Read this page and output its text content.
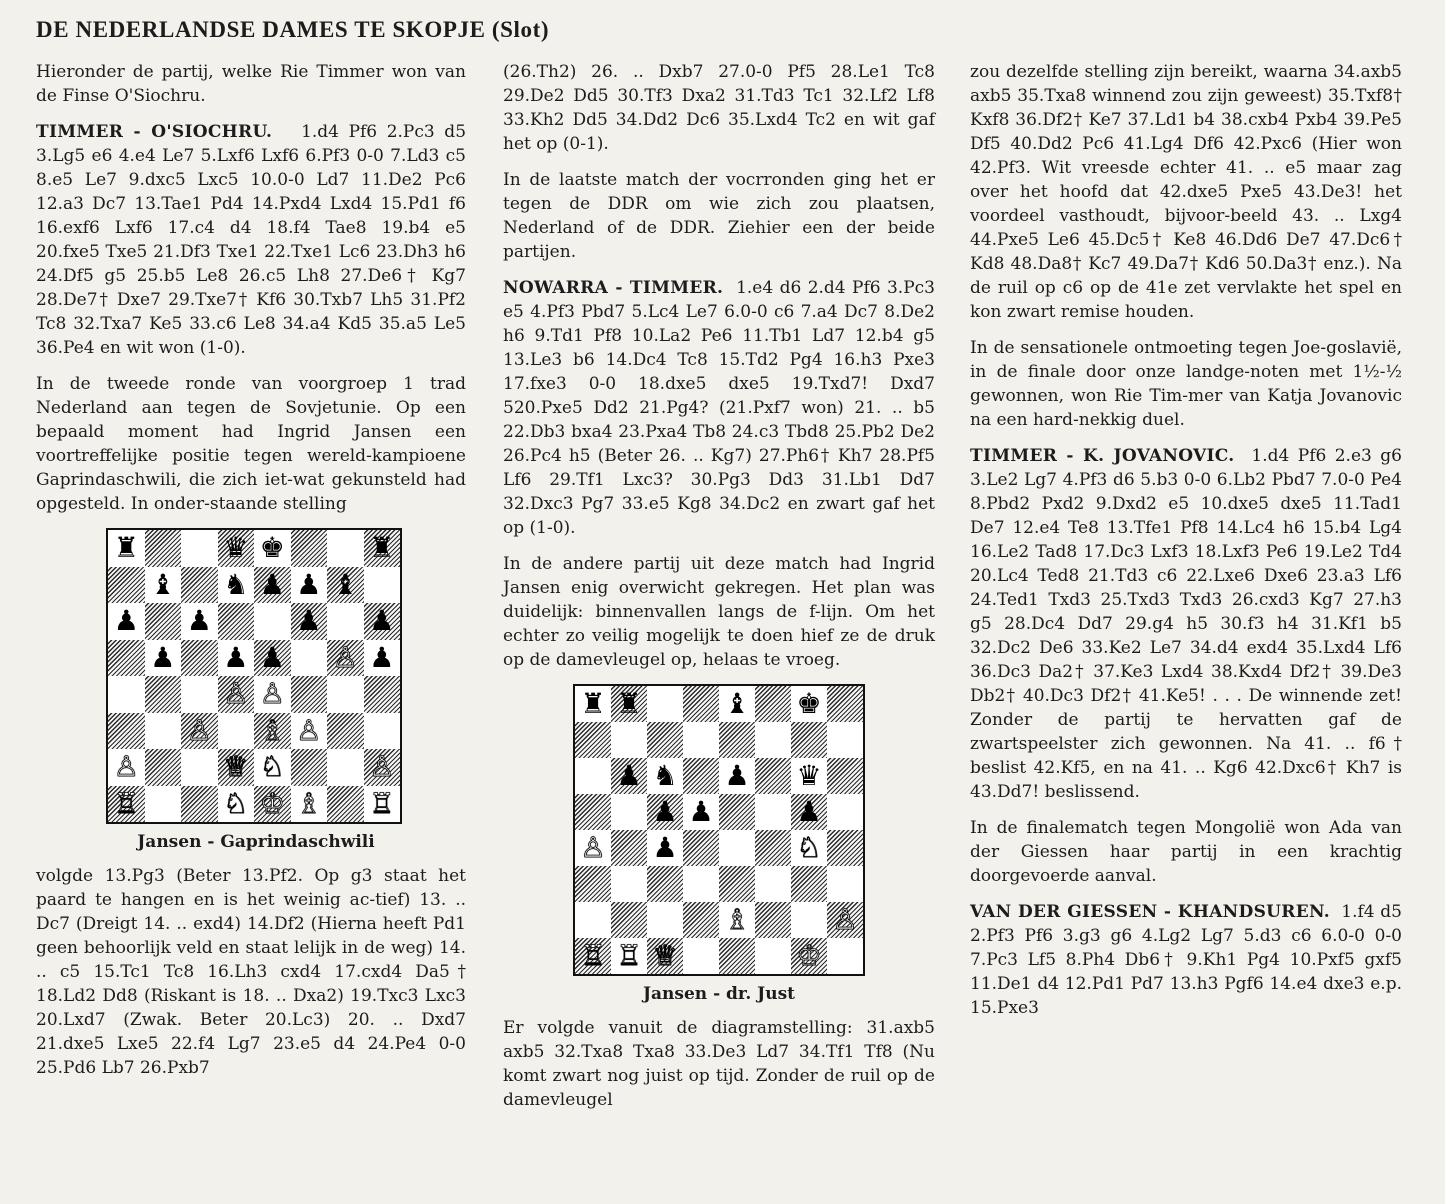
DE NEDERLANDSE DAMES TE SKOPJE (Slot)

Hieronder de partij, welke Rie Timmer won van de Finse O'Siochru.

TIMMER - O'SIOCHRU. 1.d4 Pf6 2.Pc3 d5 3.Lg5 e6 4.e4 Le7 5.Lxf6 Lxf6 6.Pf3 0-0 7.Ld3 c5 8.e5 Le7 9.dxc5 Lxc5 10.0-0 Ld7 11.De2 Pc6 12.a3 Dc7 13.Tae1 Pd4 14.Pxd4 Lxd4 15.Pd1 f6 16.exf6 Lxf6 17.c4 d4 18.f4 Tae8 19.b4 e5 20.fxe5 Txe5 21.Df3 Txe1 22.Txe1 Lc6 23.Dh3 h6 24.Df5 g5 25.b5 Le8 26.c5 Lh8 27.De6† Kg7 28.De7† Dxe7 29.Txe7† Kf6 30.Txb7 Lh5 31.Pf2 Tc8 32.Txa7 Ke5 33.c6 Le8 34.a4 Kd5 35.a5 Le5 36.Pe4 en wit won (1-0).

In de tweede ronde van voorgroep 1 trad Nederland aan tegen de Sovjetunie. Op een bepaald moment had Ingrid Jansen een voortreffelijke positie tegen wereld-kampioene Gaprindaschwili, die zich iet-wat gekunsteld had opgesteld. In onder-staande stelling

♜	♛ ♚	♜
♝ ♞ ♟ ♟ ♝
♟ ♟	♟ ♟
♟ ♟ ♟ ♙ ♟
♙ ♙
♙ ♗ ♙
♙	♕ ♘	♙
♖	♘ ♔ ♗ ♖
Jansen - Gaprindaschwili

volgde 13.Pg3 (Beter 13.Pf2. Op g3 staat het paard te hangen en is het weinig ac-tief) 13. .. Dc7 (Dreigt 14. .. exd4) 14.Df2 (Hierna heeft Pd1 geen behoorlijk veld en staat lelijk in de weg) 14. .. c5 15.Tc1 Tc8 16.Lh3 cxd4 17.cxd4 Da5† 18.Ld2 Dd8 (Riskant is 18. .. Dxa2) 19.Txc3 Lxc3 20.Lxd7 (Zwak. Beter 20.Lc3) 20. .. Dxd7 21.dxe5 Lxe5 22.f4 Lg7 23.e5 d4 24.Pe4 0-0 25.Pd6 Lb7 26.Pxb7

(26.Th2) 26. .. Dxb7 27.0-0 Pf5 28.Le1 Tc8 29.De2 Dd5 30.Tf3 Dxa2 31.Td3 Tc1 32.Lf2 Lf8 33.Kh2 Dd5 34.Dd2 Dc6 35.Lxd4 Tc2 en wit gaf het op (0-1).

In de laatste match der vocrronden ging het er tegen de DDR om wie zich zou plaatsen, Nederland of de DDR. Ziehier een der beide partijen.

NOWARRA - TIMMER. 1.e4 d6 2.d4 Pf6 3.Pc3 e5 4.Pf3 Pbd7 5.Lc4 Le7 6.0-0 c6 7.a4 Dc7 8.De2 h6 9.Td1 Pf8 10.La2 Pe6 11.Tb1 Ld7 12.b4 g5 13.Le3 b6 14.Dc4 Tc8 15.Td2 Pg4 16.h3 Pxe3 17.fxe3 0-0 18.dxe5 dxe5 19.Txd7! Dxd7 520.Pxe5 Dd2 21.Pg4? (21.Pxf7 won) 21. .. b5 22.Db3 bxa4 23.Pxa4 Tb8 24.c3 Tbd8 25.Pb2 De2 26.Pc4 h5 (Beter 26. .. Kg7) 27.Ph6† Kh7 28.Pf5 Lf6 29.Tf1 Lxc3? 30.Pg3 Dd3 31.Lb1 Dd7 32.Dxc3 Pg7 33.e5 Kg8 34.Dc2 en zwart gaf het op (1-0).

In de andere partij uit deze match had Ingrid Jansen enig overwicht gekregen. Het plan was duidelijk: binnenvallen langs de f-lijn. Om het echter zo veilig mogelijk te doen hief ze de druk op de damevleugel op, helaas te vroeg.

♜ ♜	♝ ♚
♟ ♞ ♟ ♛
♟ ♟	♟
♙ ♟	♘
♗	♙
♖ ♖ ♕	♔
Jansen - dr. Just

Er volgde vanuit de diagramstelling: 31.axb5 axb5 32.Txa8 Txa8 33.De3 Ld7 34.Tf1 Tf8 (Nu komt zwart nog juist op tijd. Zonder de ruil op de damevleugel

zou dezelfde stelling zijn bereikt, waarna 34.axb5 axb5 35.Txa8 winnend zou zijn geweest) 35.Txf8† Kxf8 36.Df2† Ke7 37.Ld1 b4 38.cxb4 Pxb4 39.Pe5 Df5 40.Dd2 Pc6 41.Lg4 Df6 42.Pxc6 (Hier won 42.Pf3. Wit vreesde echter 41. .. e5 maar zag over het hoofd dat 42.dxe5 Pxe5 43.De3! het voordeel vasthoudt, bijvoor-beeld 43. .. Lxg4 44.Pxe5 Le6 45.Dc5† Ke8 46.Dd6 De7 47.Dc6† Kd8 48.Da8† Kc7 49.Da7† Kd6 50.Da3† enz.). Na de ruil op c6 op de 41e zet vervlakte het spel en kon zwart remise houden.

In de sensationele ontmoeting tegen Joe-goslavië, in de finale door onze landge-noten met 1½-½ gewonnen, won Rie Tim-mer van Katja Jovanovic na een hard-nekkig duel.

TIMMER - K. JOVANOVIC. 1.d4 Pf6 2.e3 g6 3.Le2 Lg7 4.Pf3 d6 5.b3 0-0 6.Lb2 Pbd7 7.0-0 Pe4 8.Pbd2 Pxd2 9.Dxd2 e5 10.dxe5 dxe5 11.Tad1 De7 12.e4 Te8 13.Tfe1 Pf8 14.Lc4 h6 15.b4 Lg4 16.Le2 Tad8 17.Dc3 Lxf3 18.Lxf3 Pe6 19.Le2 Td4 20.Lc4 Ted8 21.Td3 c6 22.Lxe6 Dxe6 23.a3 Lf6 24.Ted1 Txd3 25.Txd3 Txd3 26.cxd3 Kg7 27.h3 g5 28.Dc4 Dd7 29.g4 h5 30.f3 h4 31.Kf1 b5 32.Dc2 De6 33.Ke2 Le7 34.d4 exd4 35.Lxd4 Lf6 36.Dc3 Da2† 37.Ke3 Lxd4 38.Kxd4 Df2† 39.De3 Db2† 40.Dc3 Df2† 41.Ke5! . . . De winnende zet! Zonder de partij te hervatten gaf de zwartspeelster zich gewonnen. Na 41. .. f6† beslist 42.Kf5, en na 41. .. Kg6 42.Dxc6† Kh7 is 43.Dd7! beslissend.

In de finalematch tegen Mongolië won Ada van der Giessen haar partij in een krachtig doorgevoerde aanval.

VAN DER GIESSEN - KHANDSUREN. 1.f4 d5 2.Pf3 Pf6 3.g3 g6 4.Lg2 Lg7 5.d3 c6 6.0-0 0-0 7.Pc3 Lf5 8.Ph4 Db6† 9.Kh1 Pg4 10.Pxf5 gxf5 11.De1 d4 12.Pd1 Pd7 13.h3 Pgf6 14.e4 dxe3 e.p. 15.Pxe3
